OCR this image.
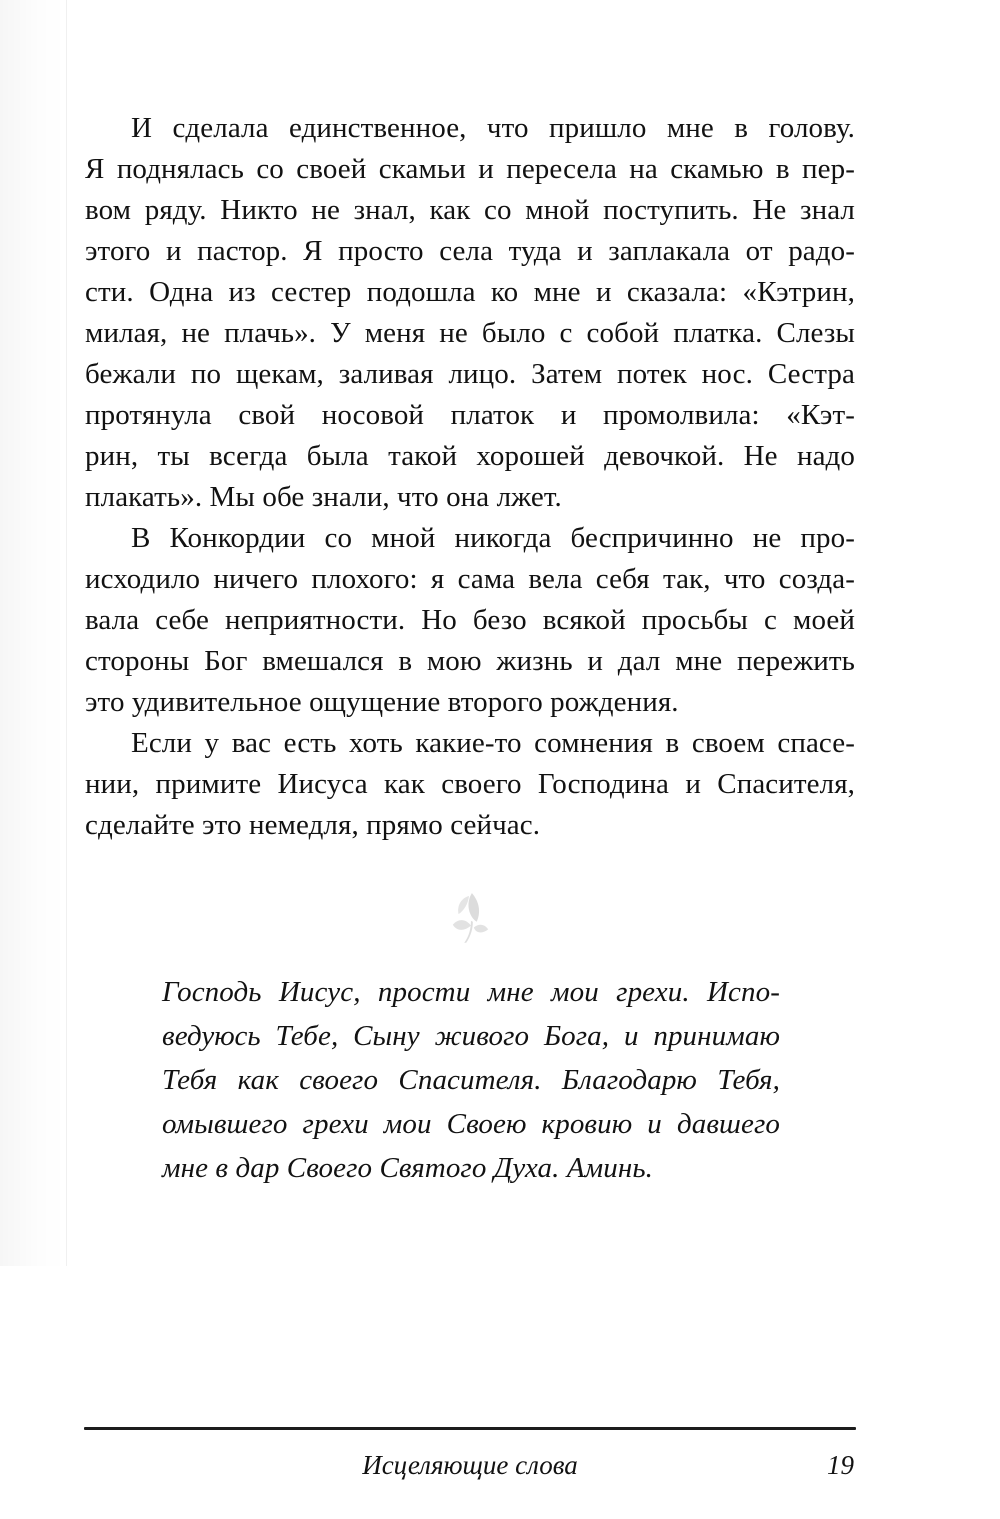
И сделала единственное, что пришло мне в голову.
Я поднялась со своей скамьи и пересела на скамью в пер-
вом ряду. Никто не знал, как со мной поступить. Не знал
этого и пастор. Я просто села туда и заплакала от радо-
сти. Одна из сестер подошла ко мне и сказала: «Кэтрин,
милая, не плачь». У меня не было с собой платка. Слезы
бежали по щекам, заливая лицо. Затем потек нос. Сестра
протянула свой носовой платок и промолвила: «Кэт-
рин, ты всегда была такой хорошей девочкой. Не надо
плакать». Мы обе знали, что она лжет.
В Конкордии со мной никогда беспричинно не про-
исходило ничего плохого: я сама вела себя так, что созда-
вала себе неприятности. Но безо всякой просьбы с моей
стороны Бог вмешался в мою жизнь и дал мне пережить
это удивительное ощущение второго рождения.
Если у вас есть хоть какие-то сомнения в своем спасе-
нии, примите Иисуса как своего Господина и Спасителя,
сделайте это немедля, прямо сейчас.
Господь Иисус, прости мне мои грехи. Испо-
ведуюсь Тебе, Сыну живого Бога, и принимаю
Тебя как своего Спасителя. Благодарю Тебя,
омывшего грехи мои Своею кровию и давшего
мне в дар Своего Святого Духа. Аминь.
Исцеляющие слова	19
